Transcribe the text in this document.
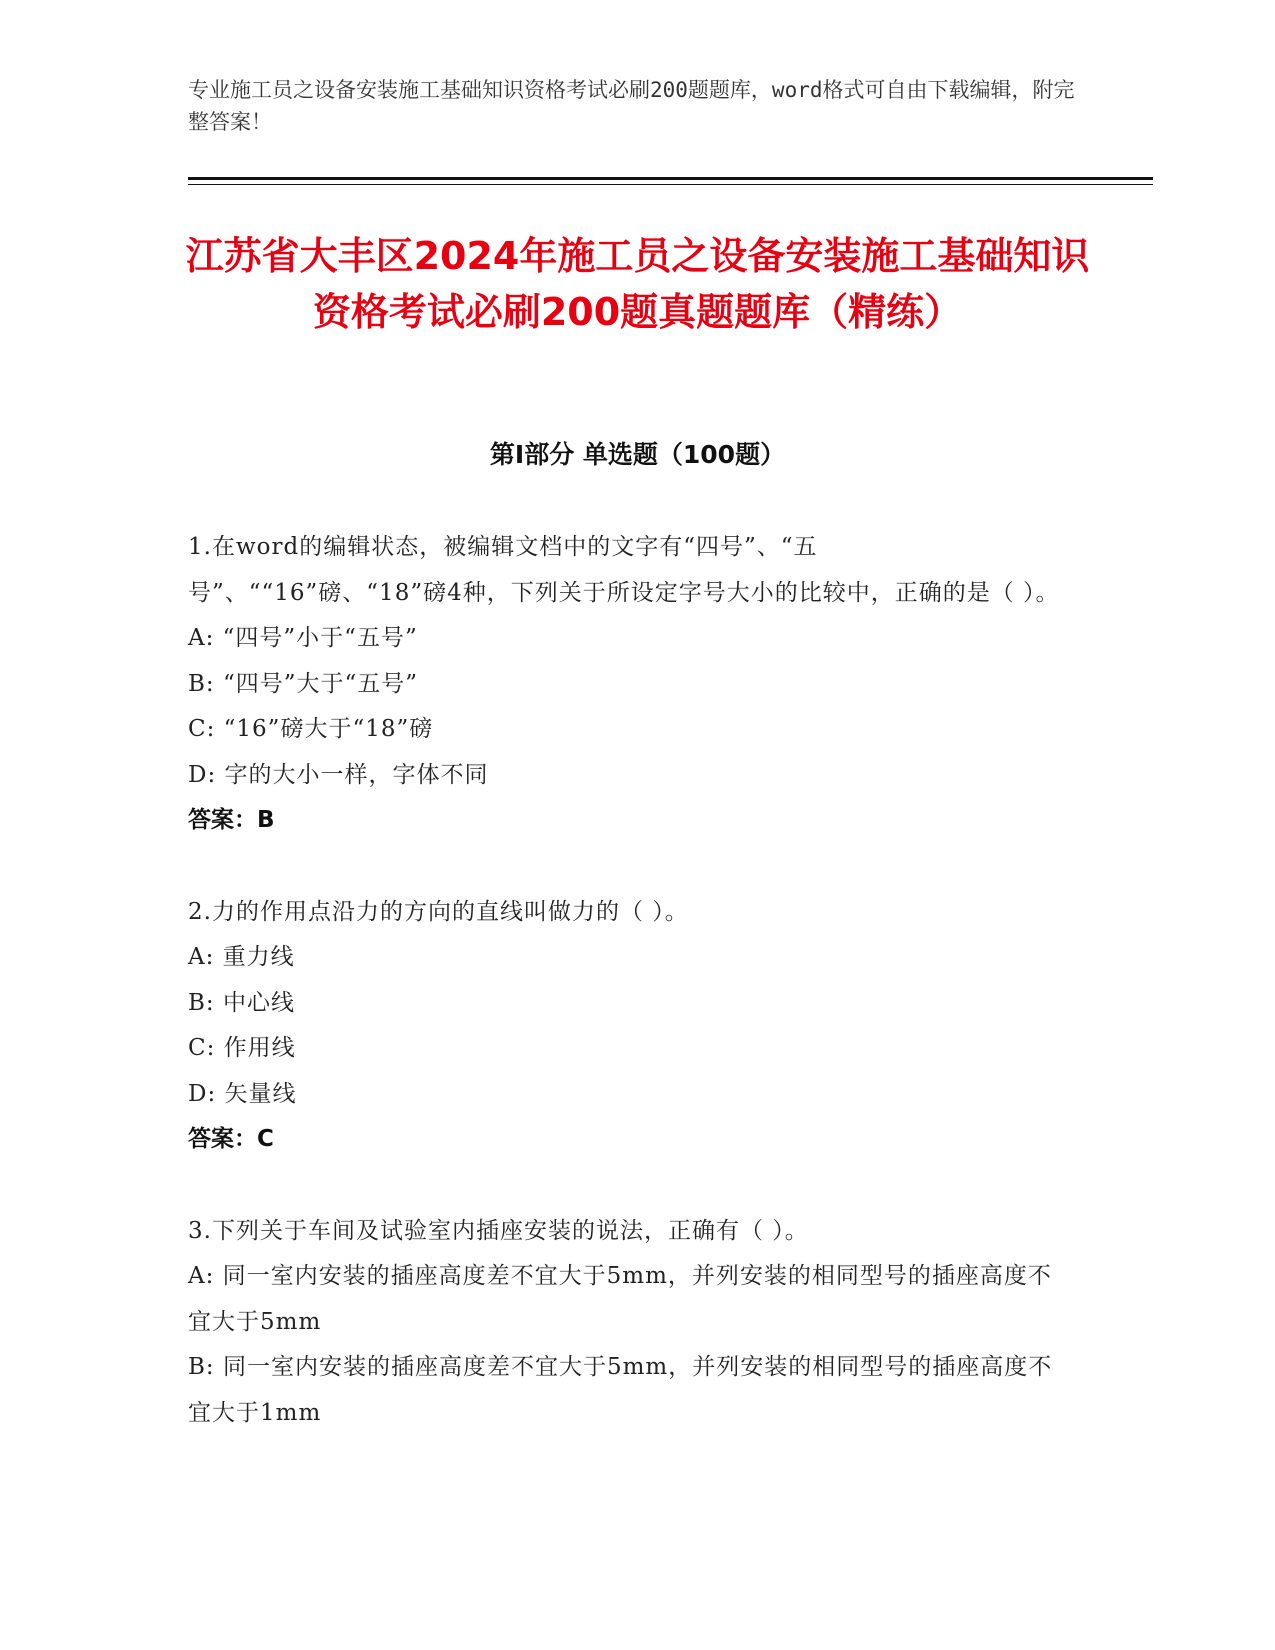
专业施工员之设备安装施工基础知识资格考试必刷200题题库，word格式可自由下载编辑，附完整答案！
江苏省大丰区2024年施工员之设备安装施工基础知识资格考试必刷200题真题题库（精练）
第I部分 单选题（100题）
1.在word的编辑状态，被编辑文档中的文字有“四号”、“五号”、““16”磅、“18”磅4种，下列关于所设定字号大小的比较中，正确的是（ ）。
A: “四号”小于“五号”
B: “四号”大于“五号”
C: “16”磅大于“18”磅
D: 字的大小一样，字体不同
答案：B
2.力的作用点沿力的方向的直线叫做力的（ ）。
A: 重力线
B: 中心线
C: 作用线
D: 矢量线
答案：C
3.下列关于车间及试验室内插座安装的说法，正确有（ ）。
A: 同一室内安装的插座高度差不宜大于5mm，并列安装的相同型号的插座高度不宜大于5mm
B: 同一室内安装的插座高度差不宜大于5mm，并列安装的相同型号的插座高度不宜大于1mm
